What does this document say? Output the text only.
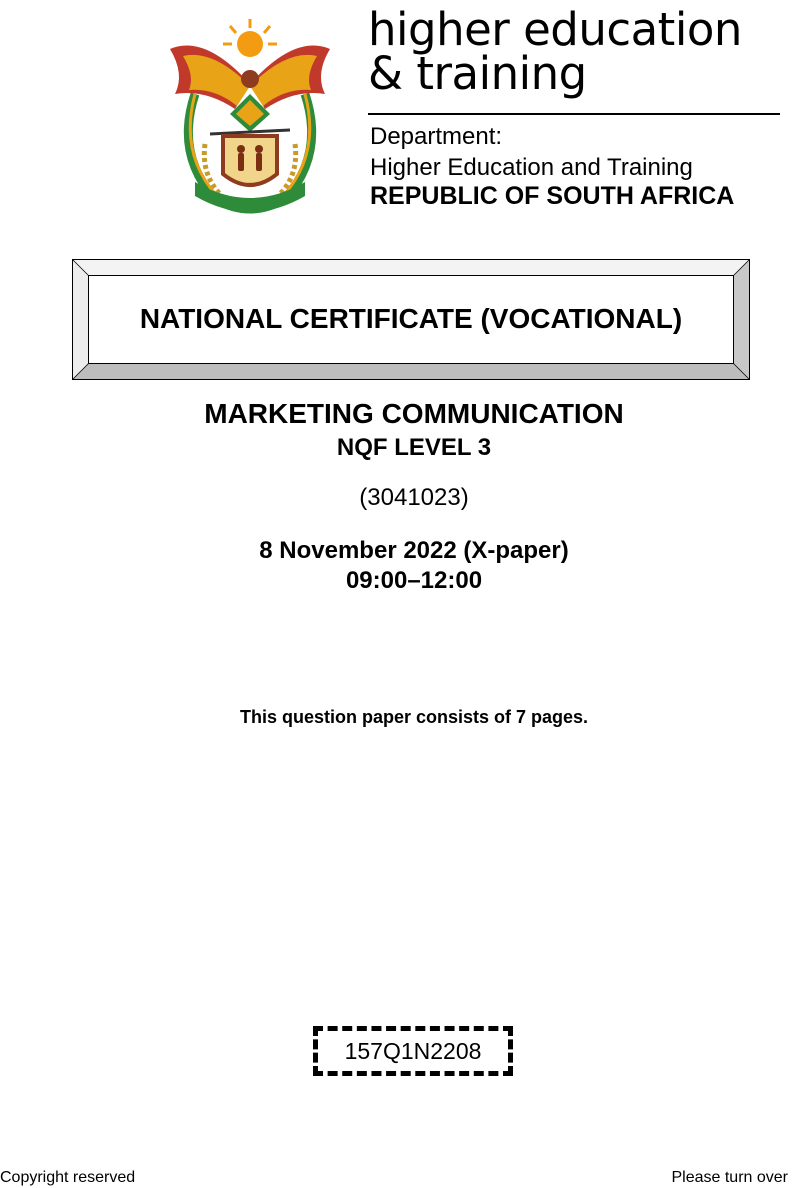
higher education
& training
Department:
Higher Education and Training
REPUBLIC OF SOUTH AFRICA
NATIONAL CERTIFICATE (VOCATIONAL)
MARKETING COMMUNICATION
NQF LEVEL 3
(3041023)
8 November 2022 (X-paper)
09:00–12:00
This question paper consists of 7 pages.
157Q1N2208
Copyright reserved	Please turn over
